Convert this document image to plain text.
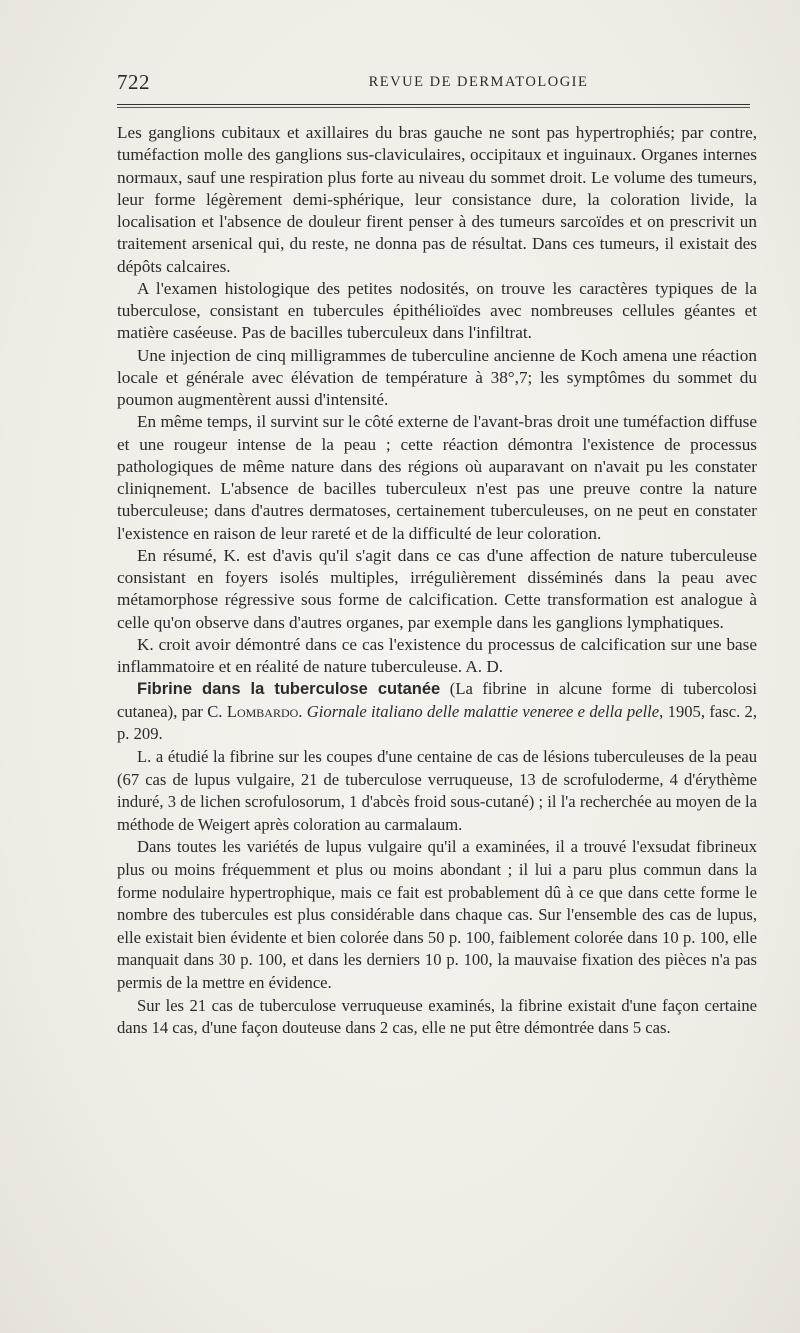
722	REVUE DE DERMATOLOGIE

Les ganglions cubitaux et axillaires du bras gauche ne sont pas hypertrophiés; par contre, tuméfaction molle des ganglions sus-claviculaires, occipitaux et inguinaux. Organes internes normaux, sauf une respiration plus forte au niveau du sommet droit. Le volume des tumeurs, leur forme légèrement demi-sphérique, leur consistance dure, la coloration livide, la localisation et l'absence de douleur firent penser à des tumeurs sarcoïdes et on prescrivit un traitement arsenical qui, du reste, ne donna pas de résultat. Dans ces tumeurs, il existait des dépôts calcaires.

A l'examen histologique des petites nodosités, on trouve les caractères typiques de la tuberculose, consistant en tubercules épithélioïdes avec nombreuses cellules géantes et matière caséeuse. Pas de bacilles tuberculeux dans l'infiltrat.

Une injection de cinq milligrammes de tuberculine ancienne de Koch amena une réaction locale et générale avec élévation de température à 38°,7; les symptômes du sommet du poumon augmentèrent aussi d'intensité.

En même temps, il survint sur le côté externe de l'avant-bras droit une tuméfaction diffuse et une rougeur intense de la peau ; cette réaction démontra l'existence de processus pathologiques de même nature dans des régions où auparavant on n'avait pu les constater cliniqnement. L'absence de bacilles tuberculeux n'est pas une preuve contre la nature tuberculeuse; dans d'autres dermatoses, certainement tuberculeuses, on ne peut en constater l'existence en raison de leur rareté et de la difficulté de leur coloration.

En résumé, K. est d'avis qu'il s'agit dans ce cas d'une affection de nature tuberculeuse consistant en foyers isolés multiples, irrégulièrement disséminés dans la peau avec métamorphose régressive sous forme de calcification. Cette transformation est analogue à celle qu'on observe dans d'autres organes, par exemple dans les ganglions lymphatiques.

K. croit avoir démontré dans ce cas l'existence du processus de calcification sur une base inflammatoire et en réalité de nature tuberculeuse. A. D.

Fibrine dans la tuberculose cutanée (La fibrine in alcune forme di tubercolosi cutanea), par C. Lombardo. Giornale italiano delle malattie veneree e della pelle, 1905, fasc. 2, p. 209.

L. a étudié la fibrine sur les coupes d'une centaine de cas de lésions tuberculeuses de la peau (67 cas de lupus vulgaire, 21 de tuberculose verruqueuse, 13 de scrofuloderme, 4 d'érythème induré, 3 de lichen scrofulosorum, 1 d'abcès froid sous-cutané) ; il l'a recherchée au moyen de la méthode de Weigert après coloration au carmalaum.

Dans toutes les variétés de lupus vulgaire qu'il a examinées, il a trouvé l'exsudat fibrineux plus ou moins fréquemment et plus ou moins abondant ; il lui a paru plus commun dans la forme nodulaire hypertrophique, mais ce fait est probablement dû à ce que dans cette forme le nombre des tubercules est plus considérable dans chaque cas. Sur l'ensemble des cas de lupus, elle existait bien évidente et bien colorée dans 50 p. 100, faiblement colorée dans 10 p. 100, elle manquait dans 30 p. 100, et dans les derniers 10 p. 100, la mauvaise fixation des pièces n'a pas permis de la mettre en évidence.

Sur les 21 cas de tuberculose verruqueuse examinés, la fibrine existait d'une façon certaine dans 14 cas, d'une façon douteuse dans 2 cas, elle ne put être démontrée dans 5 cas.
